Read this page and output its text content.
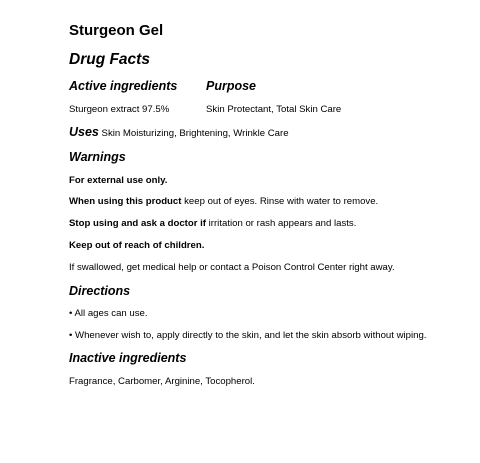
Sturgeon Gel
Drug Facts
Active ingredients Purpose
Sturgeon extract 97.5%	Skin Protectant, Total Skin Care
Uses Skin Moisturizing, Brightening, Wrinkle Care
Warnings
For external use only.
When using this product keep out of eyes. Rinse with water to remove.
Stop using and ask a doctor if irritation or rash appears and lasts.
Keep out of reach of children.
If swallowed, get medical help or contact a Poison Control Center right away.
Directions
• All ages can use.
• Whenever wish to, apply directly to the skin, and let the skin absorb without wiping.
Inactive ingredients
Fragrance, Carbomer, Arginine, Tocopherol.
